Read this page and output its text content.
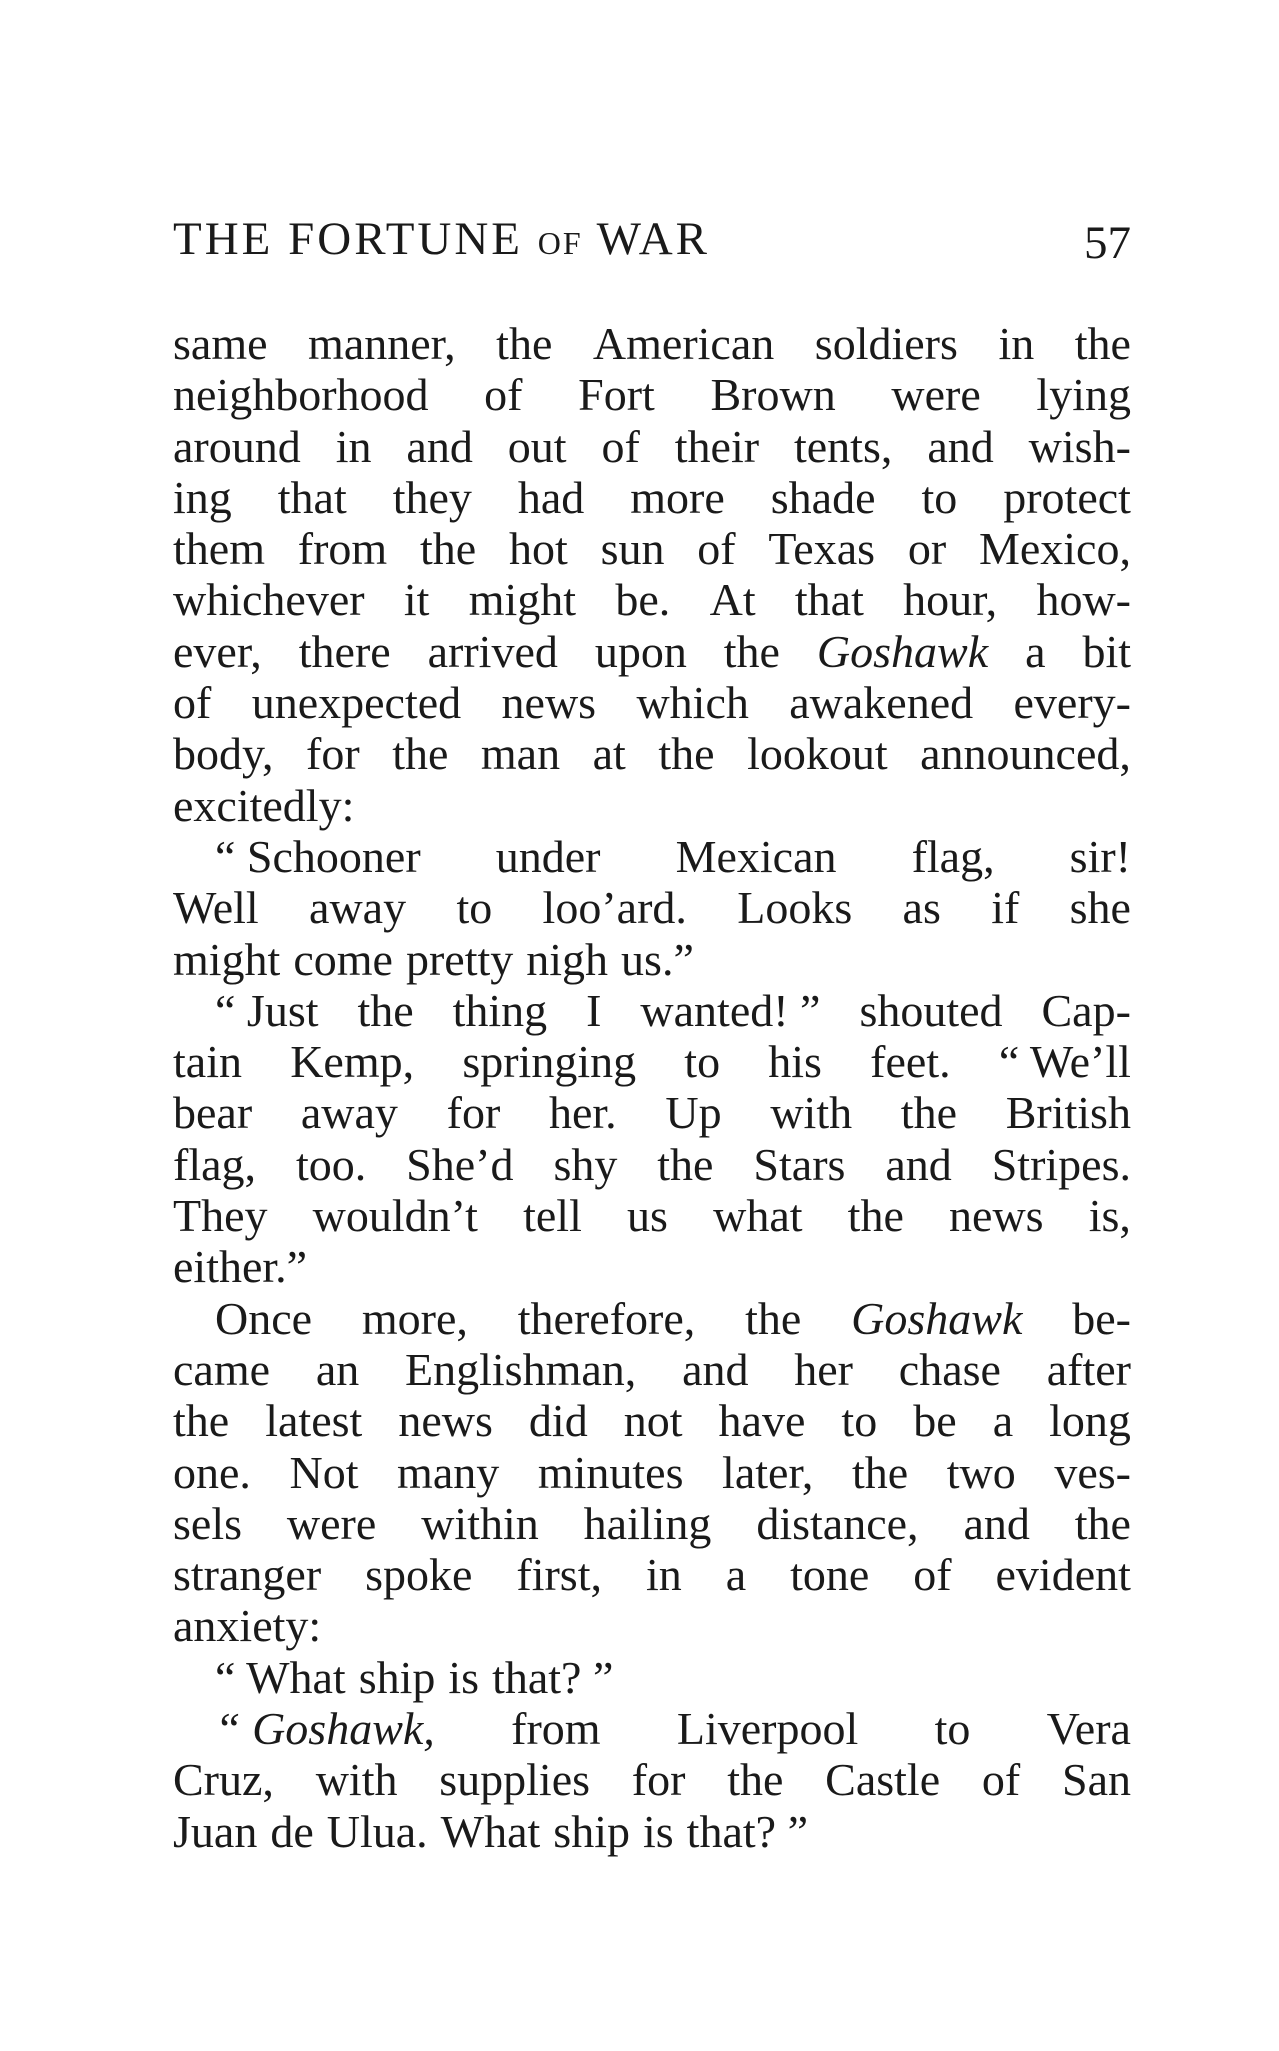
THE FORTUNE OF WAR	57
same manner, the American soldiers in the
neighborhood of Fort Brown were lying
around in and out of their tents, and wish-
ing that they had more shade to protect
them from the hot sun of Texas or Mexico,
whichever it might be. At that hour, how-
ever, there arrived upon the Goshawk a bit
of unexpected news which awakened every-
body, for the man at the lookout announced,
excitedly:
“ Schooner under Mexican flag, sir!
Well away to loo’ard. Looks as if she
might come pretty nigh us.”
“ Just the thing I wanted! ” shouted Cap-
tain Kemp, springing to his feet. “ We’ll
bear away for her. Up with the British
flag, too. She’d shy the Stars and Stripes.
They wouldn’t tell us what the news is,
either.”
Once more, therefore, the Goshawk be-
came an Englishman, and her chase after
the latest news did not have to be a long
one. Not many minutes later, the two ves-
sels were within hailing distance, and the
stranger spoke first, in a tone of evident
anxiety:
“ What ship is that? ”
“ Goshawk, from Liverpool to Vera
Cruz, with supplies for the Castle of San
Juan de Ulua. What ship is that? ”
